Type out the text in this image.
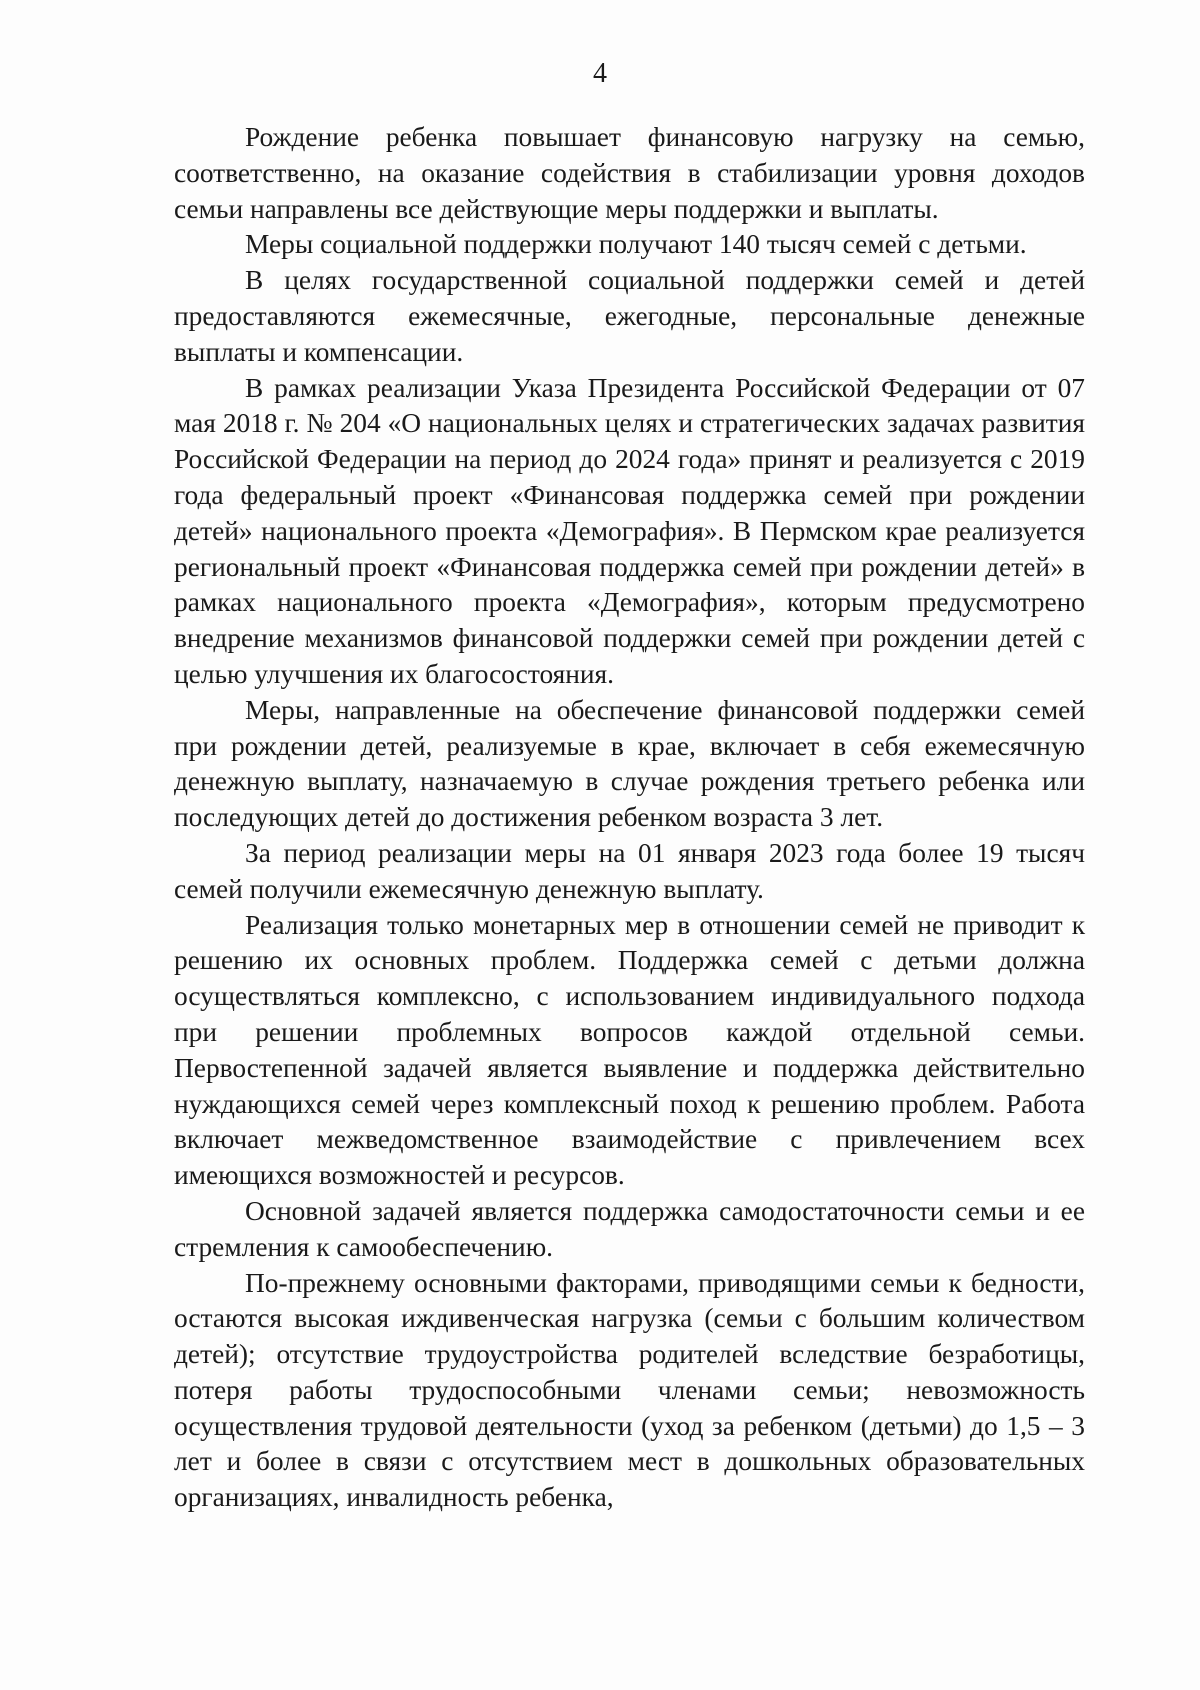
4

Рождение ребенка повышает финансовую нагрузку на семью, соответственно, на оказание содействия в стабилизации уровня доходов семьи направлены все действующие меры поддержки и выплаты.

Меры социальной поддержки получают 140 тысяч семей с детьми.

В целях государственной социальной поддержки семей и детей предоставляются ежемесячные, ежегодные, персональные денежные выплаты и компенсации.

В рамках реализации Указа Президента Российской Федерации от 07 мая 2018 г. № 204 «О национальных целях и стратегических задачах развития Российской Федерации на период до 2024 года» принят и реализуется с 2019 года федеральный проект «Финансовая поддержка семей при рождении детей» национального проекта «Демография». В Пермском крае реализуется региональный проект «Финансовая поддержка семей при рождении детей» в рамках национального проекта «Демография», которым предусмотрено внедрение механизмов финансовой поддержки семей при рождении детей с целью улучшения их благосостояния.

Меры, направленные на обеспечение финансовой поддержки семей при рождении детей, реализуемые в крае, включает в себя ежемесячную денежную выплату, назначаемую в случае рождения третьего ребенка или последующих детей до достижения ребенком возраста 3 лет.

За период реализации меры на 01 января 2023 года более 19 тысяч семей получили ежемесячную денежную выплату.

Реализация только монетарных мер в отношении семей не приводит к решению их основных проблем. Поддержка семей с детьми должна осуществляться комплексно, с использованием индивидуального подхода при решении проблемных вопросов каждой отдельной семьи. Первостепенной задачей является выявление и поддержка действительно нуждающихся семей через комплексный поход к решению проблем. Работа включает межведомственное взаимодействие с привлечением всех имеющихся возможностей и ресурсов.

Основной задачей является поддержка самодостаточности семьи и ее стремления к самообеспечению.

По-прежнему основными факторами, приводящими семьи к бедности, остаются высокая иждивенческая нагрузка (семьи с большим количеством детей); отсутствие трудоустройства родителей вследствие безработицы, потеря работы трудоспособными членами семьи; невозможность осуществления трудовой деятельности (уход за ребенком (детьми) до 1,5 – 3 лет и более в связи с отсутствием мест в дошкольных образовательных организациях, инвалидность ребенка,
